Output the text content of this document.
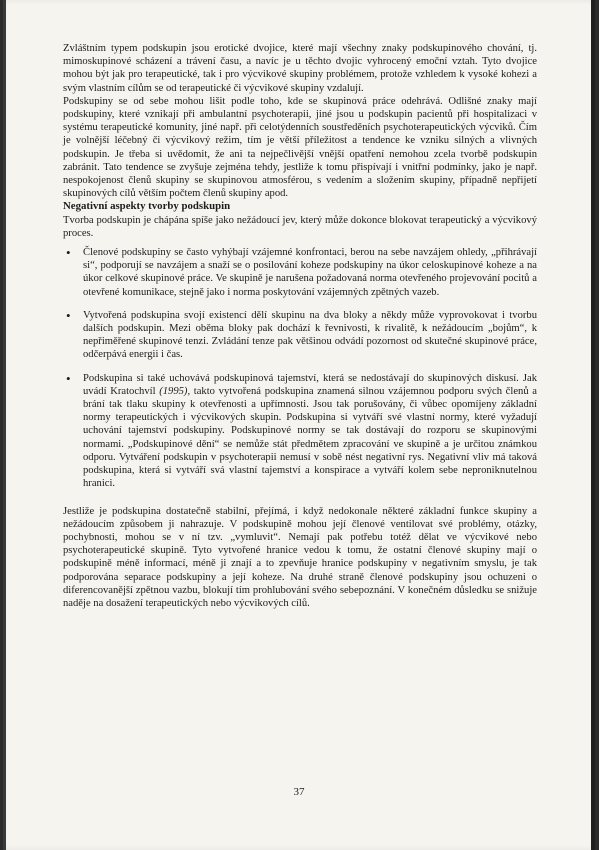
Zvláštním typem podskupin jsou erotické dvojice, které mají všechny znaky podskupinového chování, tj. mimoskupinové scházení a trávení času, a navíc je u těchto dvojic vyhrocený emoční vztah. Tyto dvojice mohou být jak pro terapeutické, tak i pro výcvikové skupiny problémem, protože vzhledem k vysoké kohezi a svým vlastním cílům se od terapeutické či výcvikové skupiny vzdalují.

Podskupiny se od sebe mohou lišit podle toho, kde se skupinová práce odehrává. Odlišné znaky mají podskupiny, které vznikají při ambulantní psychoterapii, jiné jsou u podskupin pacientů při hospitalizaci v systému terapeutické komunity, jiné např. při celotýdenních soustředěních psychoterapeutických výcviků. Čím je volnější léčebný či výcvikový režim, tím je větší příležitost a tendence ke vzniku silných a vlivných podskupin. Je třeba si uvědomit, že ani ta nejpečlivější vnější opatření nemohou zcela tvorbě podskupin zabránit. Tato tendence se zvyšuje zejména tehdy, jestliže k tomu přispívají i vnitřní podmínky, jako je např. nespokojenost členů skupiny se skupinovou atmosférou, s vedením a složením skupiny, případně nepřijetí skupinových cílů větším počtem členů skupiny apod.

Negativní aspekty tvorby podskupin

Tvorba podskupin je chápána spíše jako nežádoucí jev, který může dokonce blokovat terapeutický a výcvikový proces.

• Členové podskupiny se často vyhýbají vzájemné konfrontaci, berou na sebe navzájem ohledy, „přihrávají si“, podporují se navzájem a snaží se o posilování koheze podskupiny na úkor celoskupinové koheze a na úkor celkové skupinové práce. Ve skupině je narušena požadovaná norma otevřeného projevování pocitů a otevřené komunikace, stejně jako i norma poskytování vzájemných zpětných vazeb.
• Vytvořená podskupina svojí existencí dělí skupinu na dva bloky a někdy může vyprovokovat i tvorbu dalších podskupin. Mezi oběma bloky pak dochází k řevnivosti, k rivalitě, k nežádoucím „bojům“, k nepřiměřené skupinové tenzi. Zvládání tenze pak většinou odvádí pozornost od skutečné skupinové práce, odčerpává energii i čas.
• Podskupina si také uchovává podskupinová tajemství, která se nedostávají do skupinových diskusí. Jak uvádí Kratochvíl (1995), takto vytvořená podskupina znamená silnou vzájemnou podporu svých členů a brání tak tlaku skupiny k otevřenosti a upřímnosti. Jsou tak porušovány, či vůbec opomíjeny základní normy terapeutických i výcvikových skupin. Podskupina si vytváří své vlastní normy, které vyžadují uchování tajemství podskupiny. Podskupinové normy se tak dostávají do rozporu se skupinovými normami. „Podskupinové dění“ se nemůže stát předmětem zpracování ve skupině a je určitou známkou odporu. Vytváření podskupin v psychoterapii nemusí v sobě nést negativní rys. Negativní vliv má taková podskupina, která si vytváří svá vlastní tajemství a konspirace a vytváří kolem sebe neproniknutelnou hranici.

Jestliže je podskupina dostatečně stabilní, přejímá, i když nedokonale některé základní funkce skupiny a nežádoucím způsobem ji nahrazuje. V podskupině mohou její členové ventilovat své problémy, otázky, pochybnosti, mohou se v ní tzv. „vymluvit“. Nemají pak potřebu totéž dělat ve výcvikové nebo psychoterapeutické skupině. Tyto vytvořené hranice vedou k tomu, že ostatní členové skupiny mají o podskupině méně informací, méně ji znají a to zpevňuje hranice podskupiny v negativním smyslu, je tak podporována separace podskupiny a její koheze. Na druhé straně členové podskupiny jsou ochuzeni o diferencovanější zpětnou vazbu, blokují tím prohlubování svého sebepoznání. V konečném důsledku se snižuje naděje na dosažení terapeutických nebo výcvikových cílů.

37
